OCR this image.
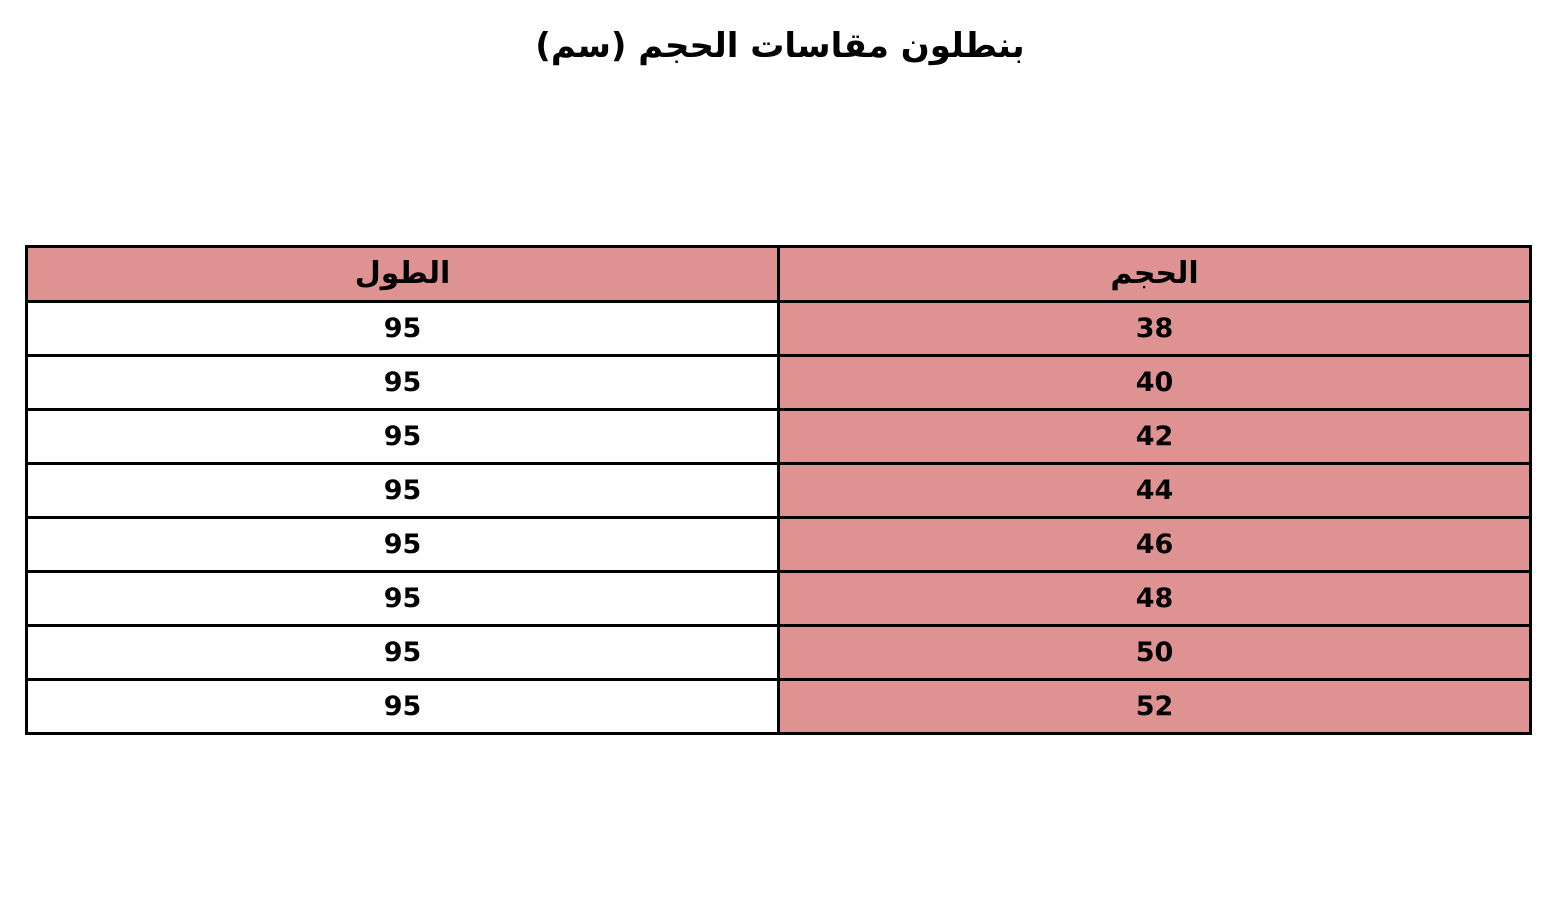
بنطلون مقاسات الحجم (سم)
الحجم	الطول
38	95
40	95
42	95
44	95
46	95
48	95
50	95
52	95
